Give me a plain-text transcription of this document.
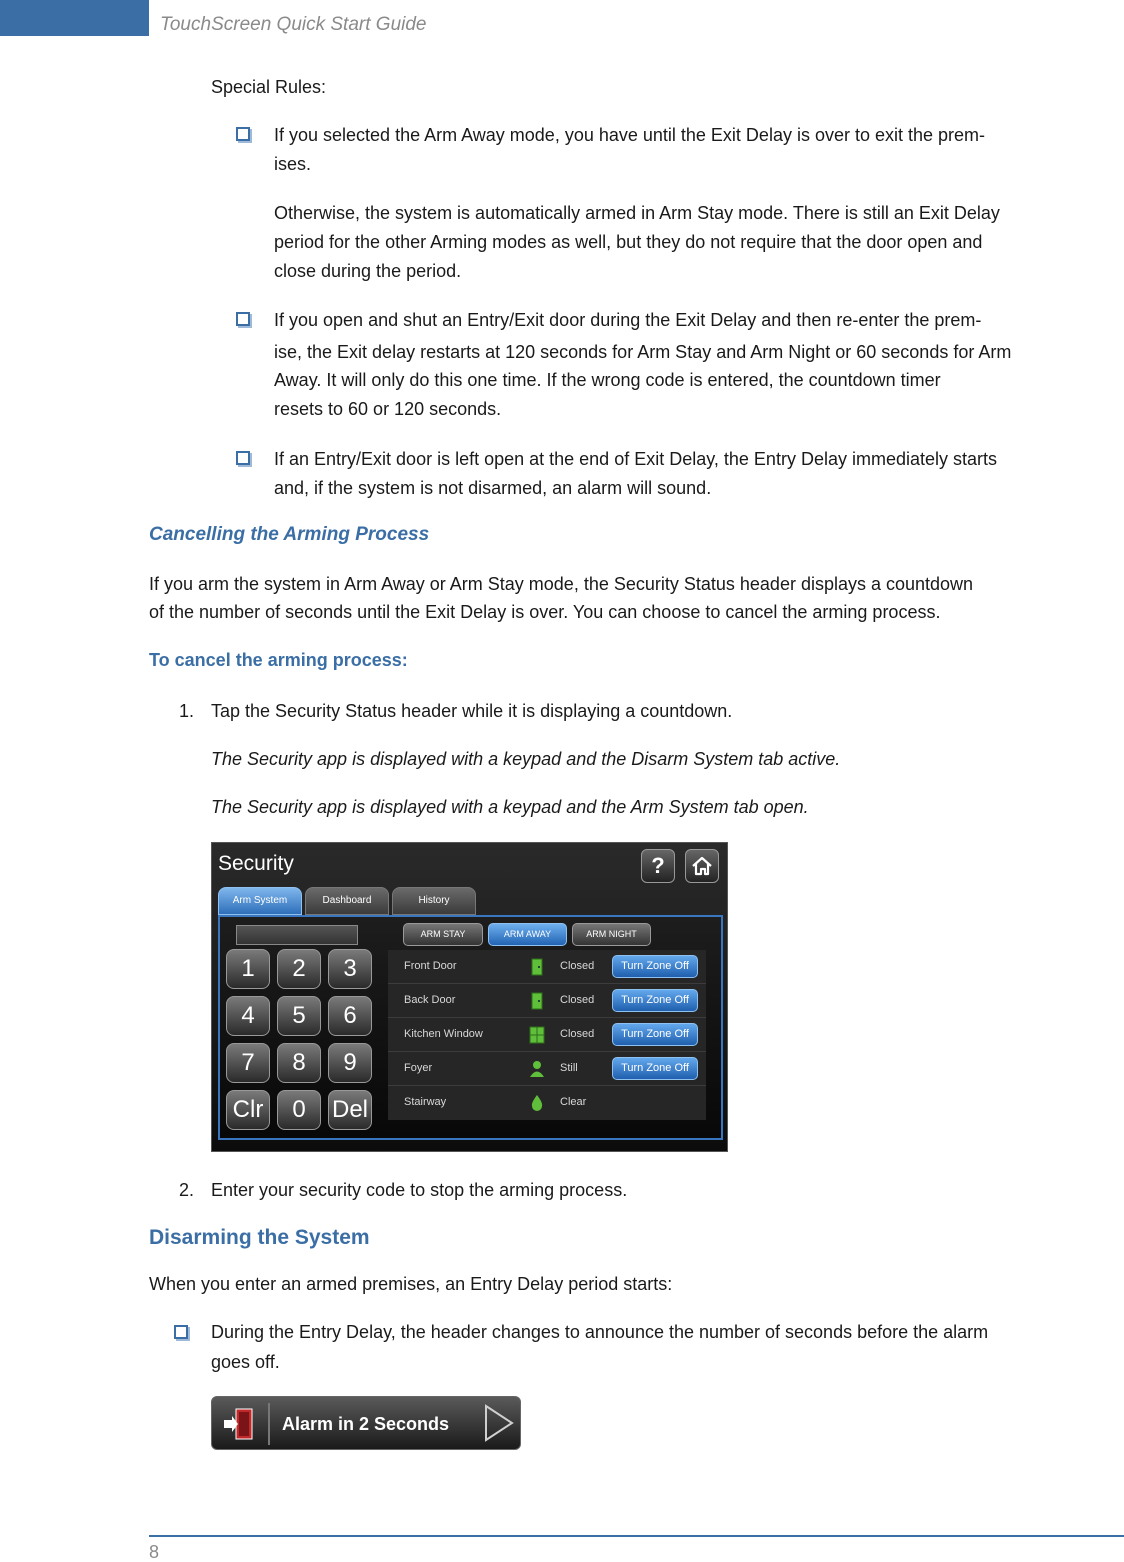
TouchScreen Quick Start Guide
Special Rules:
If you selected the Arm Away mode, you have until the Exit Delay is over to exit the prem-
ises.
Otherwise, the system is automatically armed in Arm Stay mode. There is still an Exit Delay
period for the other Arming modes as well, but they do not require that the door open and
close during the period.
If you open and shut an Entry/Exit door during the Exit Delay and then re-enter the prem-
ise, the Exit delay restarts at 120 seconds for Arm Stay and Arm Night or 60 seconds for Arm
Away. It will only do this one time. If the wrong code is entered, the countdown timer
resets to 60 or 120 seconds.
If an Entry/Exit door is left open at the end of Exit Delay, the Entry Delay immediately starts
and, if the system is not disarmed, an alarm will sound.
Cancelling the Arming Process
If you arm the system in Arm Away or Arm Stay mode, the Security Status header displays a countdown
of the number of seconds until the Exit Delay is over. You can choose to cancel the arming process.
To cancel the arming process:
1. Tap the Security Status header while it is displaying a countdown.
The Security app is displayed with a keypad and the Disarm System tab active.
The Security app is displayed with a keypad and the Arm System tab open.
Security	?
Arm System	Dashboard	History
1	2	3
4	5	6
7	8	9
Clr	0	Del
ARM STAY	ARM AWAY	ARM NIGHT
Front Door	Closed	Turn Zone Off
Back Door	Closed	Turn Zone Off
Kitchen Window	Closed	Turn Zone Off
Foyer	Still	Turn Zone Off
Stairway	Clear
2. Enter your security code to stop the arming process.
Disarming the System
When you enter an armed premises, an Entry Delay period starts:
During the Entry Delay, the header changes to announce the number of seconds before the alarm
goes off.
Alarm in 2 Seconds
8
